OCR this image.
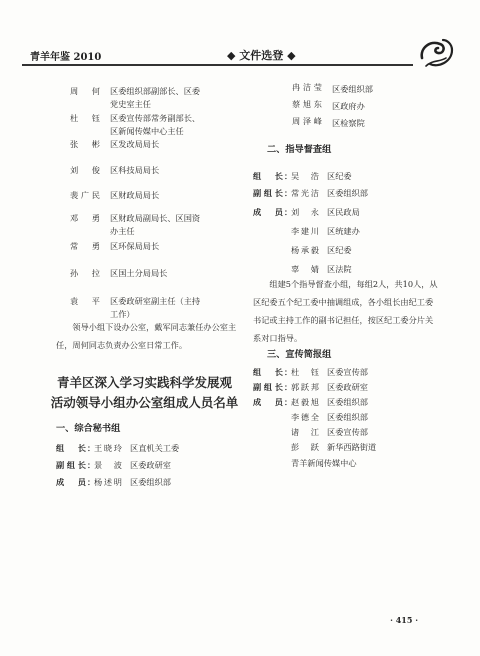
青羊年鉴 2010	◆ 文件选登 ◆
周　何 区委组织部副部长、区委
党史室主任
杜　钰 区委宣传部常务副部长、
区新闻传媒中心主任
张　彬 区发改局局长
刘　俊 区科技局局长
裴广民 区财政局局长
邓　勇 区财政局副局长、区国资
办主任
常　勇 区环保局局长
孙　拉 区国土分局局长
袁　平 区委政研室副主任（主持
工作）
领导小组下设办公室，戴军同志兼任办公室主任，周何同志负责办公室日常工作。
青羊区深入学习实践科学发展观
活动领导小组办公室组成人员名单
一、综合秘书组
组　长 ：
王晓玲 区直机关工委
副组长 ：
景　波 区委政研室
成　员 ：
杨述明 区委组织部
冉洁莹 区委组织部
蔡旭东 区政府办
周泽峰 区检察院
二、指导督查组
组　长 ：
吴　浩 区纪委
副组长 ：
常光洁 区委组织部
成　员 ：
刘　永 区民政局
李建川 区统建办
杨承毅 区纪委
辜　婧 区法院
组建5个指导督查小组，每组2人，共10人，从区纪委五个纪工委中抽调组成，各小组长由纪工委书记或主持工作的副书记担任，按区纪工委分片关系对口指导。
三、宣传简报组
组　长 ：
杜　钰 区委宣传部
副组长 ：
郭跃邦 区委政研室
成　员 ：
赵毅旭 区委组织部
李德全 区委组织部
诸　江 区委宣传部
彭　跃 新华西路街道
青羊新闻传媒中心
· 415 ·
